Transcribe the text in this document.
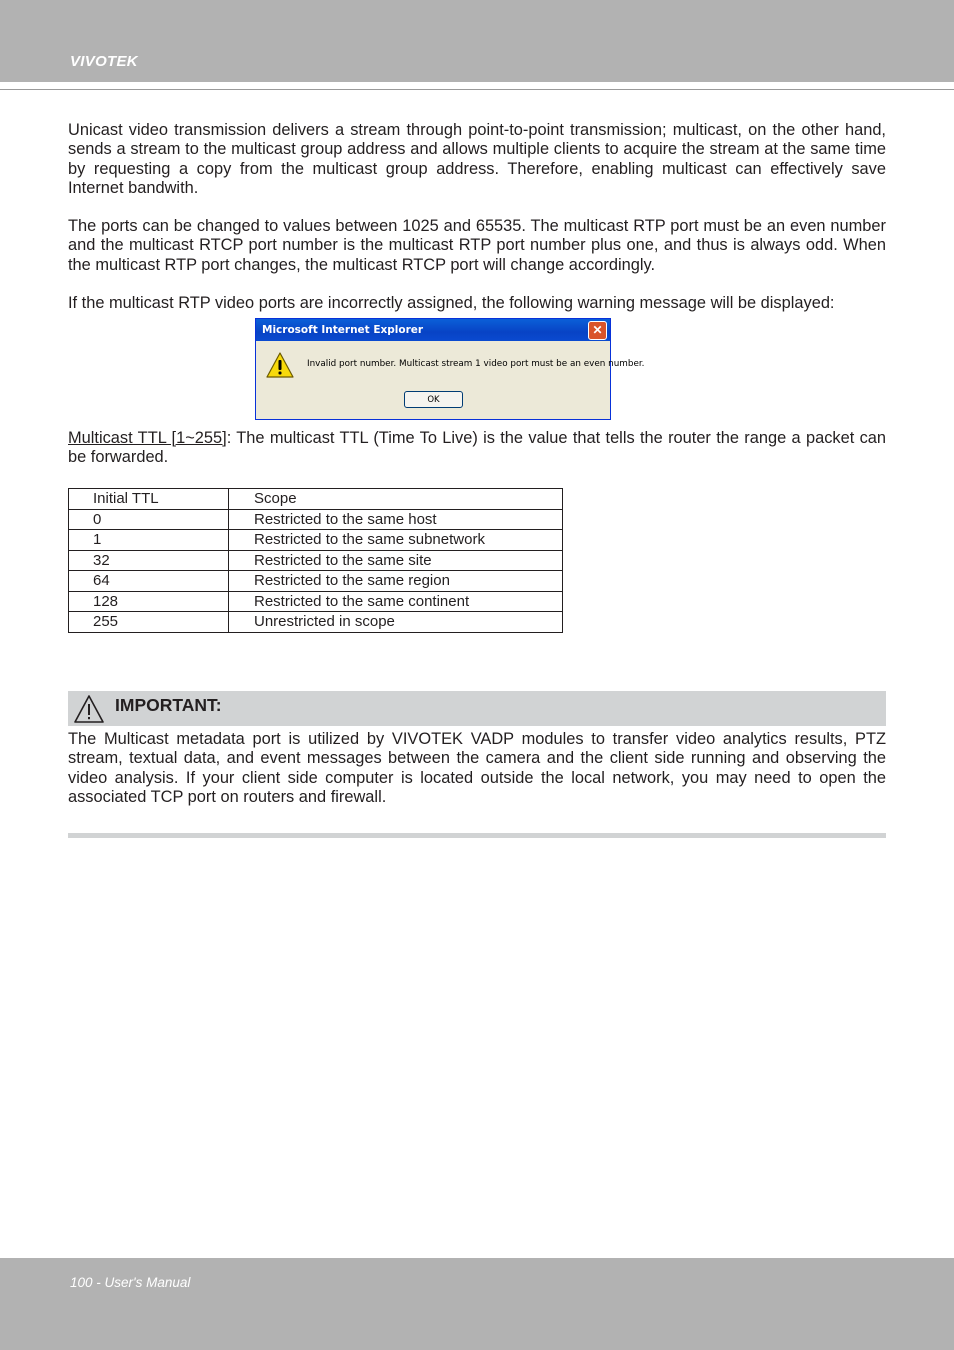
VIVOTEK

Unicast video transmission delivers a stream through point-to-point transmission; multicast, on the other hand, sends a stream to the multicast group address and allows multiple clients to acquire the stream at the same time by requesting a copy from the multicast group address. Therefore, enabling multicast can effectively save Internet bandwith.

The ports can be changed to values between 1025 and 65535. The multicast RTP port must be an even number and the multicast RTCP port number is the multicast RTP port number plus one, and thus is always odd. When the multicast RTP port changes, the multicast RTCP port will change accordingly.

If the multicast RTP video ports are incorrectly assigned, the following warning message will be displayed:

Microsoft Internet Explorer	✕
Invalid port number. Multicast stream 1 video port must be an even number.
OK
Multicast TTL [1~255]: The multicast TTL (Time To Live) is the value that tells the router the range a packet can be forwarded.
Initial TTL	Scope
0	Restricted to the same host
1	Restricted to the same subnetwork
32	Restricted to the same site
64	Restricted to the same region
128	Restricted to the same continent
255	Unrestricted in scope
IMPORTANT:

The Multicast metadata port is utilized by VIVOTEK VADP modules to transfer video analytics results, PTZ stream, textual data, and event messages between the camera and the client side running and observing the video analysis. If your client side computer is located outside the local network, you may need to open the associated TCP port on routers and firewall.

100 - User's Manual
